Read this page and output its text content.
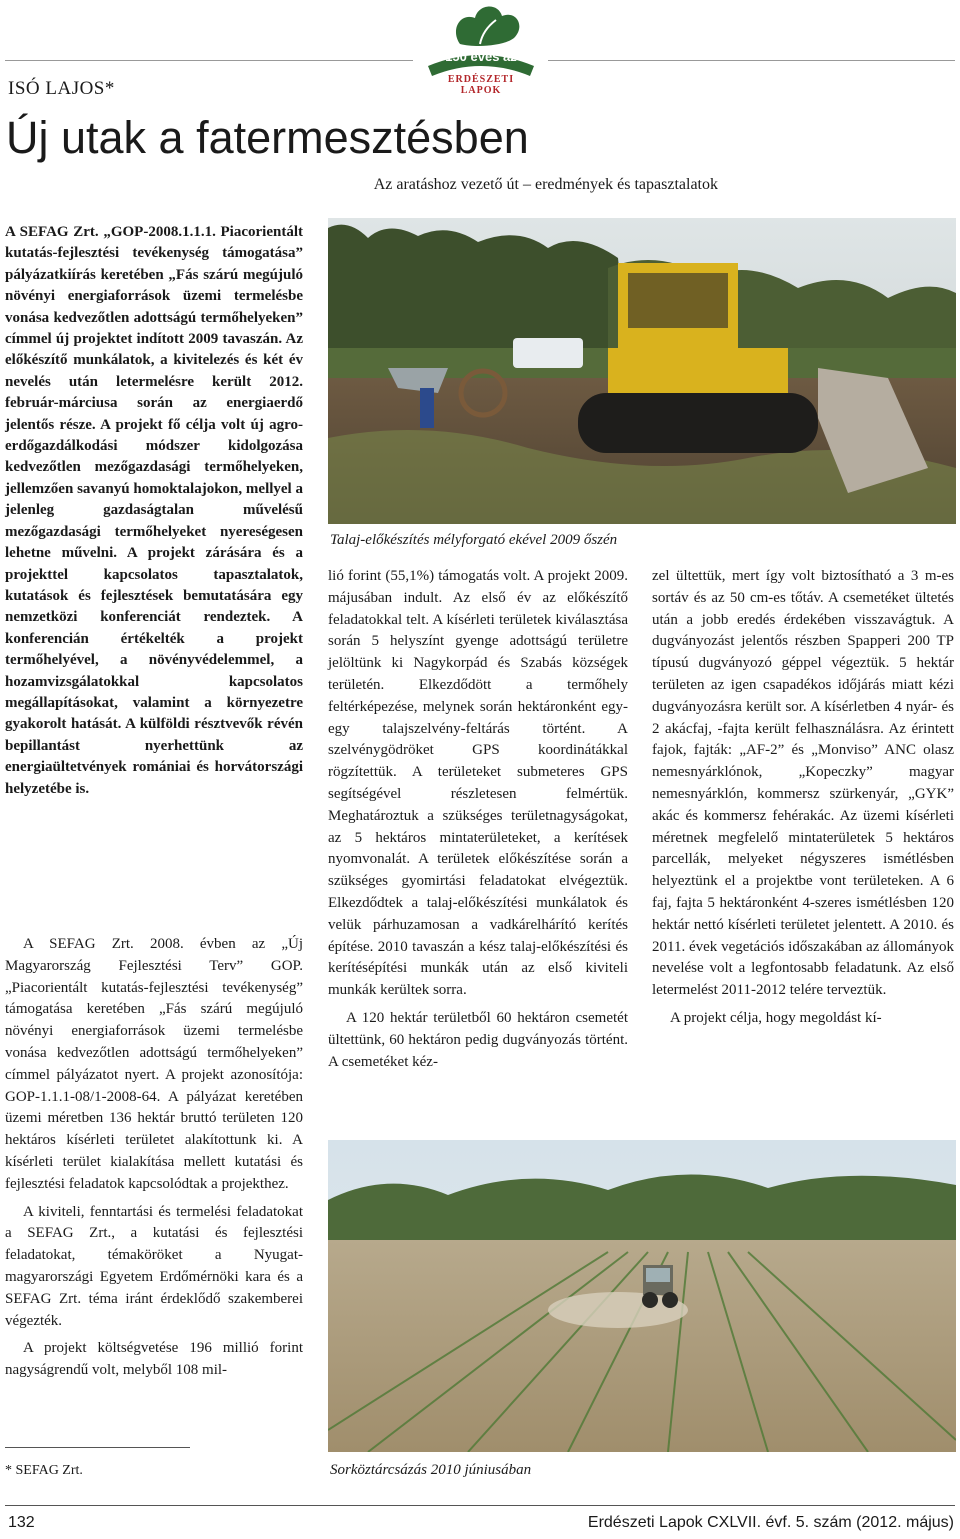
150 éves az
ERDÉSZETI
LAPOK
ISÓ LAJOS*
Új utak a fatermesztésben
Az aratáshoz vezető út – eredmények és tapasztalatok
A SEFAG Zrt. „GOP-2008.1.1.1. Piacorientált kutatás-fejlesztési tevékenység támogatása” pályázatkiírás keretében „Fás szárú megújuló növényi energiaforrások üzemi termelésbe vonása kedvezőtlen adottságú termőhelyeken” címmel új projektet indított 2009 tavaszán. Az előkészítő munkálatok, a kivitelezés és két év nevelés után letermelésre került 2012. február-márciusa során az energiaerdő jelentős része. A projekt fő célja volt új agro-erdőgazdálkodási módszer kidolgozása kedvezőtlen mezőgazdasági termőhelyeken, jellemzően savanyú homoktalajokon, mellyel a jelenleg gazdaságtalan művelésű mezőgazdasági termőhelyeket nyereségesen lehetne művelni. A projekt zárására és a projekttel kapcsolatos tapasztalatok, kutatások és fejlesztések bemutatására egy nemzetközi konferenciát rendeztek. A konferencián értékelték a projekt termőhelyével, a növényvédelemmel, a hozamvizsgálatokkal kapcsolatos megállapításokat, valamint a környezetre gyakorolt hatását. A külföldi résztvevők révén bepillantást nyerhettünk az energiaültetvények romániai és horvátországi helyzetébe is.
Talaj-előkészítés mélyforgató ekével 2009 őszén

A SEFAG Zrt. 2008. évben az „Új Magyarország Fejlesztési Terv” GOP. „Piacorientált kutatás-fejlesztési tevékenység” támogatása keretében „Fás szárú megújuló növényi energiaforrások üzemi termelésbe vonása kedvezőtlen adottságú termőhelyeken” címmel pályázatot nyert. A projekt azonosítója: GOP-1.1.1-08/1-2008-64. A pályázat keretében üzemi méretben 136 hektár bruttó területen 120 hektáros kísérleti területet alakítottunk ki. A kísérleti terület kialakítása mellett kutatási és fejlesztési feladatok kapcsolódtak a projekthez.

A kiviteli, fenntartási és termelési feladatokat a SEFAG Zrt., a kutatási és fejlesztési feladatokat, témaköröket a Nyugat-magyarországi Egyetem Erdőmérnöki kara és a SEFAG Zrt. téma iránt érdeklődő szakemberei végezték.

A projekt költségvetése 196 millió forint nagyságrendű volt, melyből 108 mil-

lió forint (55,1%) támogatás volt. A projekt 2009. májusában indult. Az első év az előkészítő feladatokkal telt. A kísérleti területek kiválasztása során 5 helyszínt gyenge adottságú területre jelöltünk ki Nagykorpád és Szabás községek területén. Elkezdődött a termőhely feltérképezése, melynek során hektáronként egy-egy talajszelvény-feltárás történt. A szelvénygödröket GPS koordinátákkal rögzítettük. A területeket submeteres GPS segítségével részletesen felmértük. Meghatároztuk a szükséges területnagyságokat, az 5 hektáros mintaterületeket, a kerítések nyomvonalát. A területek előkészítése során a szükséges gyomirtási feladatokat elvégeztük. Elkezdődtek a talaj-előkészítési munkálatok és velük párhuzamosan a vadkárelhárító kerítés építése. 2010 tavaszán a kész talaj-előkészítési és kerítésépítési munkák után az első kiviteli munkák kerültek sorra.

A 120 hektár területből 60 hektáron csemetét ültettünk, 60 hektáron pedig dugványozás történt. A csemetéket kéz-

zel ültettük, mert így volt biztosítható a 3 m-es sortáv és az 50 cm-es tőtáv. A csemetéket ültetés után a jobb eredés érdekében visszavágtuk. A dugványozást jelentős részben Spapperi 200 TP típusú dugványozó géppel végeztük. 5 hektár területen az igen csapadékos időjárás miatt kézi dugványozásra került sor. A kísérletben 4 nyár- és 2 akácfaj, -fajta került felhasználásra. Az érintett fajok, fajták: „AF-2” és „Monviso” ANC olasz nemesnyárklónok, „Kopeczky” magyar nemesnyárklón, kommersz szürkenyár, „GYK” akác és kommersz fehérakác. Az üzemi kísérleti méretnek megfelelő mintaterületek 5 hektáros parcellák, melyeket négyszeres ismétlésben helyeztünk el a projektbe vont területeken. A 6 faj, fajta 5 hektáronként 4-szeres ismétlésben 120 hektár nettó kísérleti területet jelentett. A 2010. és 2011. évek vegetációs időszakában az állományok nevelése volt a legfontosabb feladatunk. Az első letermelést 2011-2012 telére terveztük.

A projekt célja, hogy megoldást kí-

Sorköztárcsázás 2010 júniusában
* SEFAG Zrt.
132	Erdészeti Lapok CXLVII. évf. 5. szám (2012. május)
